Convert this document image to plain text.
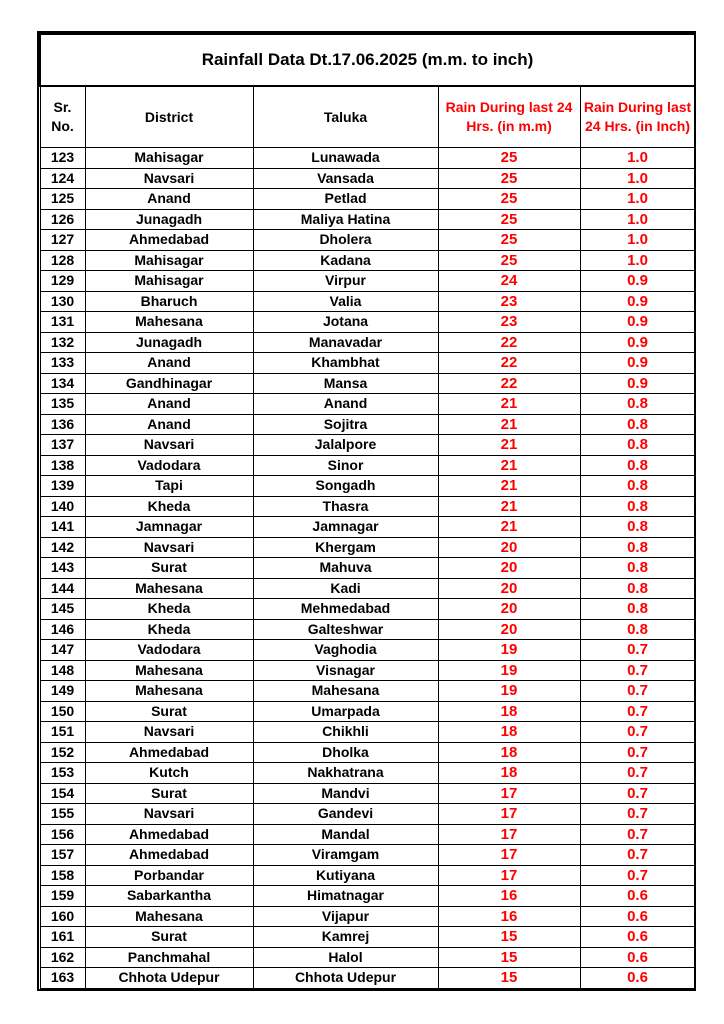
Rainfall Data Dt.17.06.2025 (m.m. to inch)				
Sr. No.	District	Taluka	Rain During last 24 Hrs. (in m.m)	Rain During last 24 Hrs. (in Inch)
123	Mahisagar	Lunawada	25	1.0
124	Navsari	Vansada	25	1.0
125	Anand	Petlad	25	1.0
126	Junagadh	Maliya Hatina	25	1.0
127	Ahmedabad	Dholera	25	1.0
128	Mahisagar	Kadana	25	1.0
129	Mahisagar	Virpur	24	0.9
130	Bharuch	Valia	23	0.9
131	Mahesana	Jotana	23	0.9
132	Junagadh	Manavadar	22	0.9
133	Anand	Khambhat	22	0.9
134	Gandhinagar	Mansa	22	0.9
135	Anand	Anand	21	0.8
136	Anand	Sojitra	21	0.8
137	Navsari	Jalalpore	21	0.8
138	Vadodara	Sinor	21	0.8
139	Tapi	Songadh	21	0.8
140	Kheda	Thasra	21	0.8
141	Jamnagar	Jamnagar	21	0.8
142	Navsari	Khergam	20	0.8
143	Surat	Mahuva	20	0.8
144	Mahesana	Kadi	20	0.8
145	Kheda	Mehmedabad	20	0.8
146	Kheda	Galteshwar	20	0.8
147	Vadodara	Vaghodia	19	0.7
148	Mahesana	Visnagar	19	0.7
149	Mahesana	Mahesana	19	0.7
150	Surat	Umarpada	18	0.7
151	Navsari	Chikhli	18	0.7
152	Ahmedabad	Dholka	18	0.7
153	Kutch	Nakhatrana	18	0.7
154	Surat	Mandvi	17	0.7
155	Navsari	Gandevi	17	0.7
156	Ahmedabad	Mandal	17	0.7
157	Ahmedabad	Viramgam	17	0.7
158	Porbandar	Kutiyana	17	0.7
159	Sabarkantha	Himatnagar	16	0.6
160	Mahesana	Vijapur	16	0.6
161	Surat	Kamrej	15	0.6
162	Panchmahal	Halol	15	0.6
163	Chhota Udepur	Chhota Udepur	15	0.6
